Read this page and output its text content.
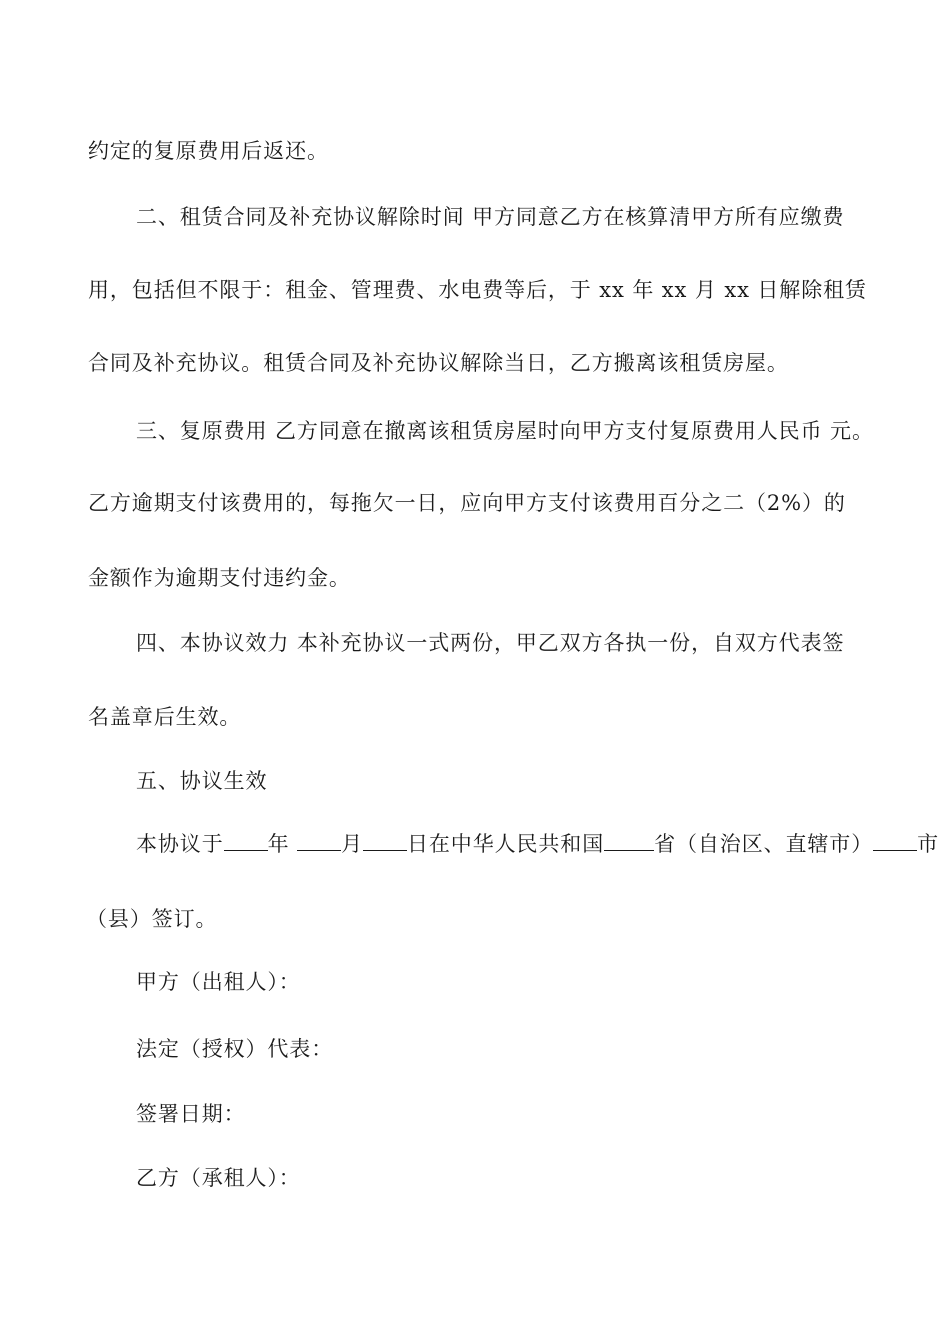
约定的复原费用后返还。
二、租赁合同及补充协议解除时间 甲方同意乙方在核算清甲方所有应缴费
用，包括但不限于：租金、管理费、水电费等后，于 xx 年 xx 月 xx 日解除租赁
合同及补充协议。租赁合同及补充协议解除当日，乙方搬离该租赁房屋。
三、复原费用 乙方同意在撤离该租赁房屋时向甲方支付复原费用人民币 元。
乙方逾期支付该费用的，每拖欠一日，应向甲方支付该费用百分之二（2%）的
金额作为逾期支付违约金。
四、本协议效力 本补充协议一式两份，甲乙双方各执一份，自双方代表签
名盖章后生效。
五、协议生效
本协议于 年 月 日在中华人民共和国 省（自治区、直辖市） 市
（县）签订。
甲方（出租人）：
法定（授权）代表：
签署日期：
乙方（承租人）：
